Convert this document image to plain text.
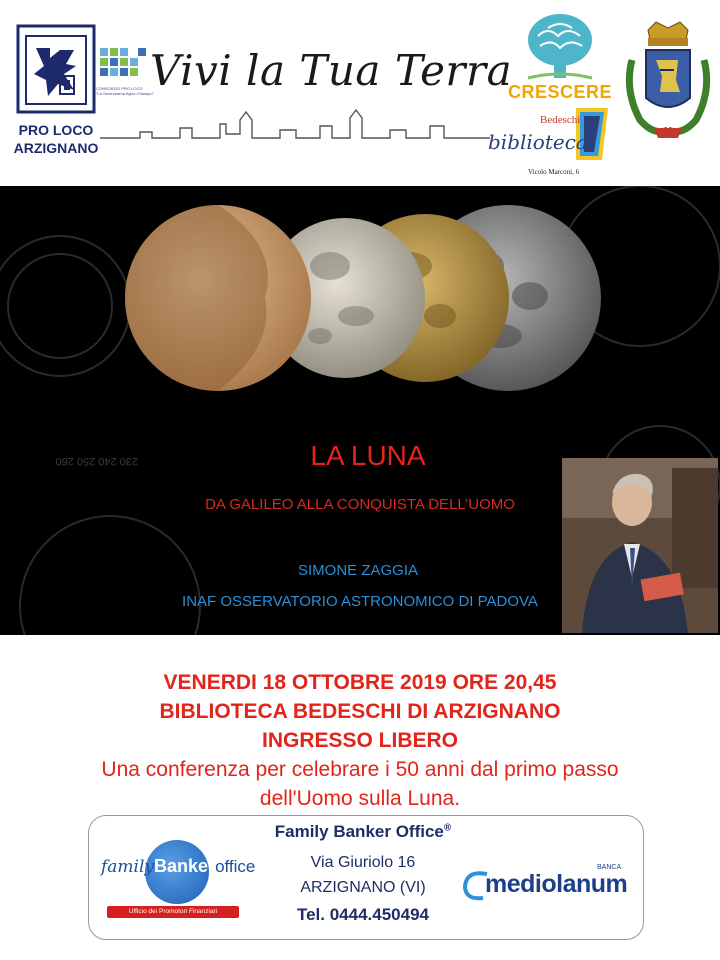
PRO LOCO
ARZIGNANO
CONSORZIO PRO LOCO
"La Serenissima Agno-Chiampo"
Vivi la Tua Terra
CRESCERE
Bedeschi
biblioteca
Vicolo Marconi, 6
230 240 250 260	LA LUNA
DA GALILEO ALLA CONQUISTA DELL’UOMO
SIMONE ZAGGIA
INAF OSSERVATORIO ASTRONOMICO DI PADOVA
VENERDI 18 OTTOBRE 2019 ORE 20,45
BIBLIOTECA BEDESCHI DI ARZIGNANO
INGRESSO LIBERO
Una conferenza per celebrare i 50 anni dal primo passo
dell'Uomo sulla Luna.
familyBankeroffice
Ufficio dei Promotori Finanziari
Family Banker Office®
Via Giuriolo 16
ARZIGNANO (VI)
Tel. 0444.450494
BANCA
mediolanum
